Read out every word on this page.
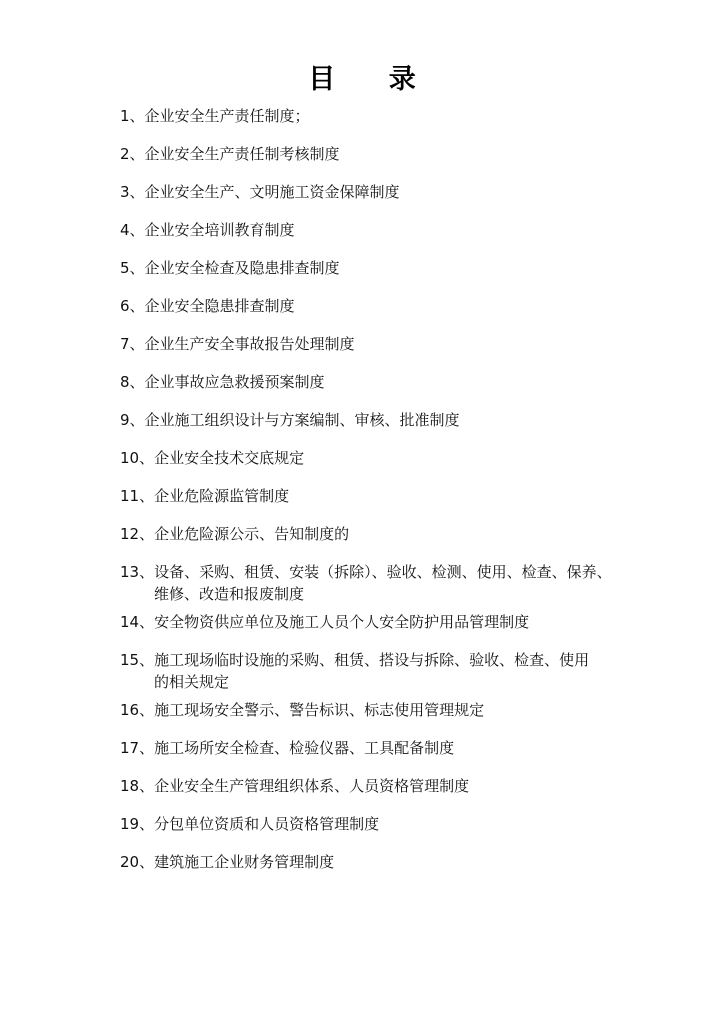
目 录
1、企业安全生产责任制度；
2、企业安全生产责任制考核制度
3、企业安全生产、文明施工资金保障制度
4、企业安全培训教育制度
5、企业安全检查及隐患排查制度
6、企业安全隐患排查制度
7、企业生产安全事故报告处理制度
8、企业事故应急救援预案制度
9、企业施工组织设计与方案编制、审核、批准制度
10、企业安全技术交底规定
11、企业危险源监管制度
12、企业危险源公示、告知制度的
13、设备、采购、租赁、安装（拆除）、验收、检测、使用、检查、保养、
维修、改造和报废制度
14、安全物资供应单位及施工人员个人安全防护用品管理制度
15、施工现场临时设施的采购、租赁、搭设与拆除、验收、检查、使用
的相关规定
16、施工现场安全警示、警告标识、标志使用管理规定
17、施工场所安全检查、检验仪器、工具配备制度
18、企业安全生产管理组织体系、人员资格管理制度
19、分包单位资质和人员资格管理制度
20、建筑施工企业财务管理制度
